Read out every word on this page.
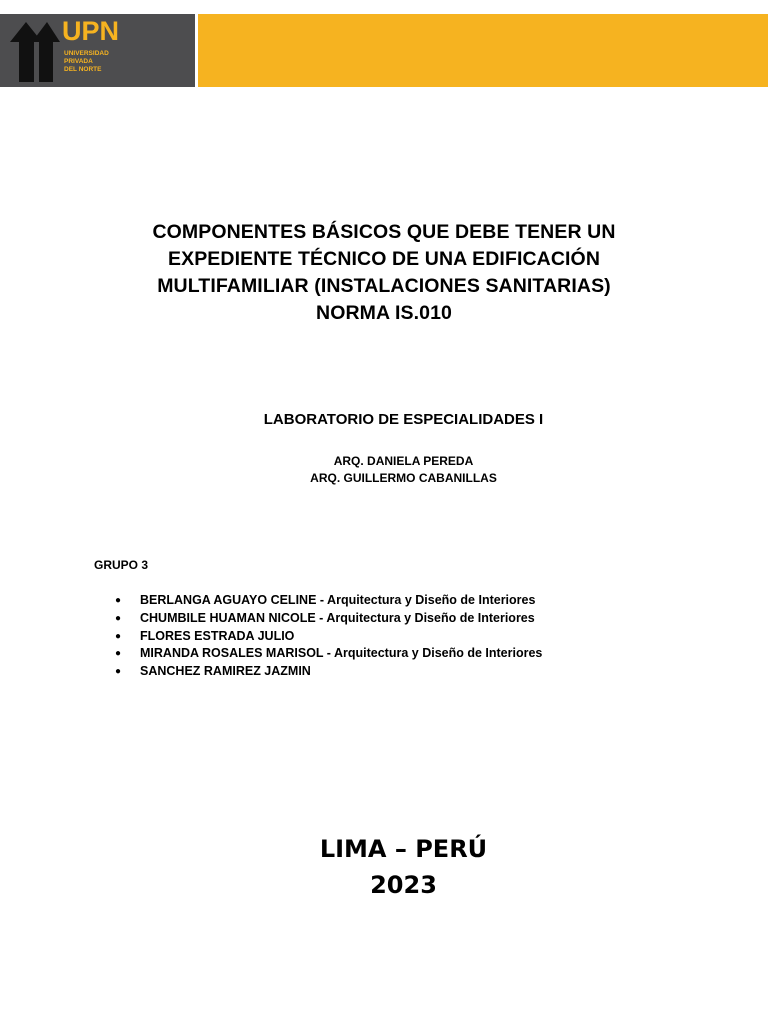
UPN
UNIVERSIDAD
PRIVADA
DEL NORTE
COMPONENTES BÁSICOS QUE DEBE TENER UN
EXPEDIENTE TÉCNICO DE UNA EDIFICACIÓN
MULTIFAMILIAR (INSTALACIONES SANITARIAS)
NORMA IS.010
LABORATORIO DE ESPECIALIDADES I
ARQ. DANIELA PEREDA
ARQ. GUILLERMO CABANILLAS
GRUPO 3
● BERLANGA AGUAYO CELINE - Arquitectura y Diseño de Interiores
● CHUMBILE HUAMAN NICOLE - Arquitectura y Diseño de Interiores
● FLORES ESTRADA JULIO
● MIRANDA ROSALES MARISOL - Arquitectura y Diseño de Interiores
● SANCHEZ RAMIREZ JAZMIN
LIMA – PERÚ
2023
